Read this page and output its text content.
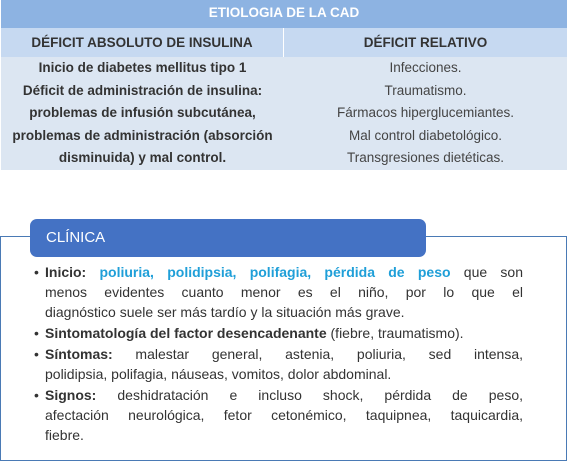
ETIOLOGIA DE LA CAD
DÉFICIT ABSOLUTO DE INSULINA	DÉFICIT RELATIVO
Inicio de diabetes mellitus tipo 1
Déficit de administración de insulina:
problemas de infusión subcutánea,
problemas de administración (absorción
disminuida) y mal control.
Infecciones.
Traumatismo.
Fármacos hiperglucemiantes.
Mal control diabetológico.
Transgresiones dietéticas.
CLÍNICA
• Inicio: poliuria, polidipsia, polifagia, pérdida de peso que son
menos evidentes cuanto menor es el niño, por lo que el
diagnóstico suele ser más tardío y la situación más grave.
• Sintomatología del factor desencadenante (fiebre, traumatismo).
• Síntomas: malestar general, astenia, poliuria, sed intensa,
polidipsia, polifagia, náuseas, vomitos, dolor abdominal.
• Signos: deshidratación e incluso shock, pérdida de peso,
afectación neurológica, fetor cetonémico, taquipnea, taquicardia,
fiebre.
